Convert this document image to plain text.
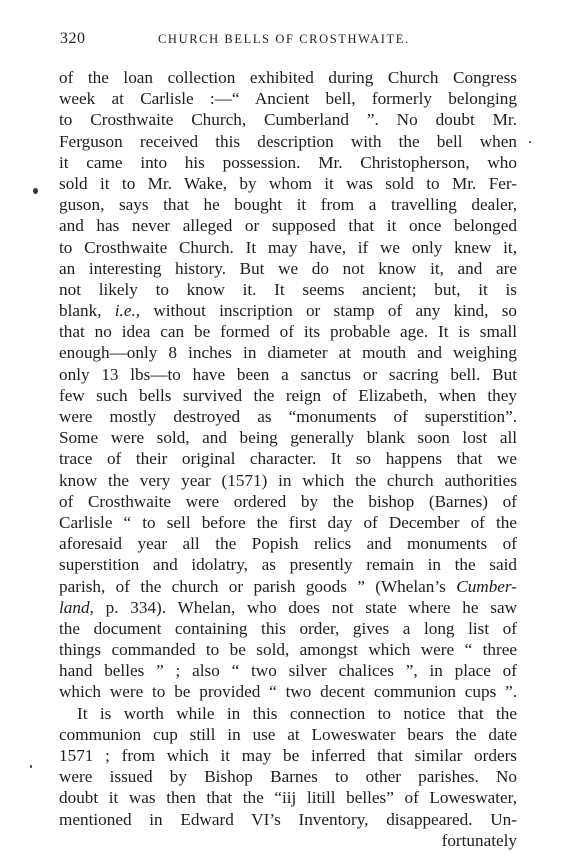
320	CHURCH BELLS OF CROSTHWAITE.
of the loan collection exhibited during Church Congress
week at Carlisle :—“ Ancient bell, formerly belonging
to Crosthwaite Church, Cumberland ”. No doubt Mr.
Ferguson received this description with the bell when
it came into his possession. Mr. Christopherson, who
sold it to Mr. Wake, by whom it was sold to Mr. Fer-
guson, says that he bought it from a travelling dealer,
and has never alleged or supposed that it once belonged
to Crosthwaite Church. It may have, if we only knew it,
an interesting history. But we do not know it, and are
not likely to know it. It seems ancient; but, it is
blank, i.e., without inscription or stamp of any kind, so
that no idea can be formed of its probable age. It is small
enough—only 8 inches in diameter at mouth and weighing
only 13 lbs—to have been a sanctus or sacring bell. But
few such bells survived the reign of Elizabeth, when they
were mostly destroyed as “monuments of superstition”.
Some were sold, and being generally blank soon lost all
trace of their original character. It so happens that we
know the very year (1571) in which the church authorities
of Crosthwaite were ordered by the bishop (Barnes) of
Carlisle “ to sell before the first day of December of the
aforesaid year all the Popish relics and monuments of
superstition and idolatry, as presently remain in the said
parish, of the church or parish goods ” (Whelan’s Cumber-
land, p. 334). Whelan, who does not state where he saw
the document containing this order, gives a long list of
things commanded to be sold, amongst which were “ three
hand belles ” ; also “ two silver chalices ”, in place of
which were to be provided “ two decent communion cups ”.
It is worth while in this connection to notice that the
communion cup still in use at Loweswater bears the date
1571 ; from which it may be inferred that similar orders
were issued by Bishop Barnes to other parishes. No
doubt it was then that the “iij litill belles” of Loweswater,
mentioned in Edward VI’s Inventory, disappeared. Un-
fortunately
